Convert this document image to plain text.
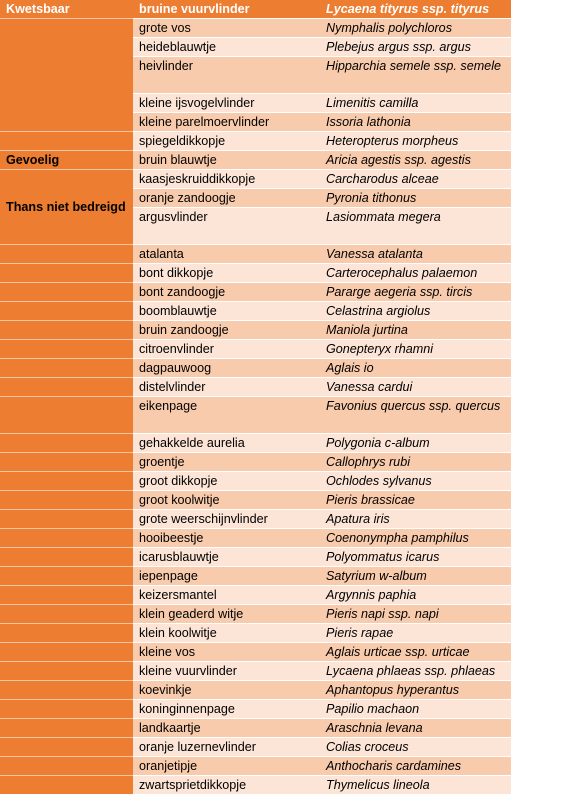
Kwetsbaar	bruine vuurvlinder	Lycaena tityrus ssp. tityrus
	grote vos	Nymphalis polychloros
	heideblauwtje	Plebejus argus ssp. argus
	heivlinder	Hipparchia semele ssp. semele
	kleine ijsvogelvlinder	Limenitis camilla
	kleine parelmoervlinder	Issoria lathonia
	spiegeldikkopje	Heteropterus morpheus
Gevoelig	bruin blauwtje	Aricia agestis ssp. agestis
Thans niet bedreigd	kaasjeskruiddikkopje	Carcharodus alceae
	oranje zandoogje	Pyronia tithonus
	argusvlinder	Lasiommata megera
	atalanta	Vanessa atalanta
	bont dikkopje	Carterocephalus palaemon
	bont zandoogje	Pararge aegeria ssp. tircis
	boomblauwtje	Celastrina argiolus
	bruin zandoogje	Maniola jurtina
	citroenvlinder	Gonepteryx rhamni
	dagpauwoog	Aglais io
	distelvlinder	Vanessa cardui
	eikenpage	Favonius quercus ssp. quercus
	gehakkelde aurelia	Polygonia c-album
	groentje	Callophrys rubi
	groot dikkopje	Ochlodes sylvanus
	groot koolwitje	Pieris brassicae
	grote weerschijnvlinder	Apatura iris
	hooibeestje	Coenonympha pamphilus
	icarusblauwtje	Polyommatus icarus
	iepenpage	Satyrium w-album
	keizersmantel	Argynnis paphia
	klein geaderd witje	Pieris napi ssp. napi
	klein koolwitje	Pieris rapae
	kleine vos	Aglais urticae ssp. urticae
	kleine vuurvlinder	Lycaena phlaeas ssp. phlaeas
	koevinkje	Aphantopus hyperantus
	koninginnenpage	Papilio machaon
	landkaartje	Araschnia levana
	oranje luzernevlinder	Colias croceus
	oranjetipje	Anthocharis cardamines
	zwartsprietdikkopje	Thymelicus lineola
